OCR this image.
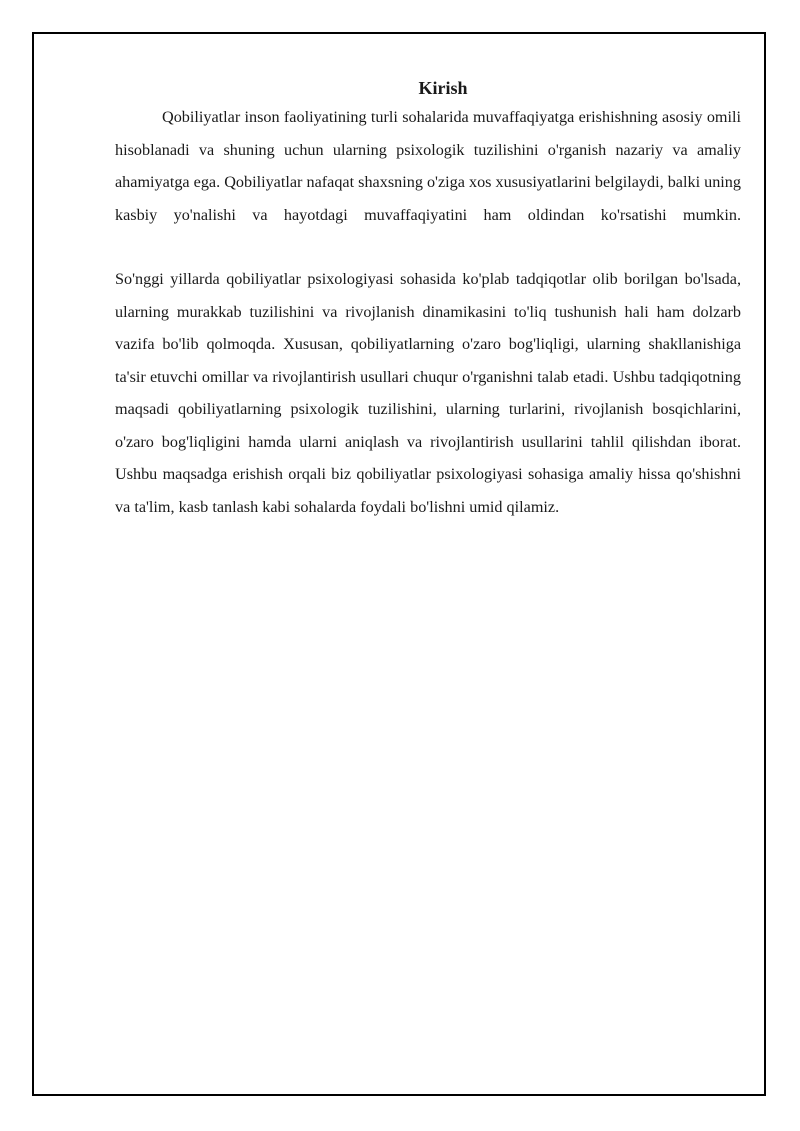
Kirish

Qobiliyatlar inson faoliyatining turli sohalarida muvaffaqiyatga erishishning asosiy omili hisoblanadi va shuning uchun ularning psixologik tuzilishini o'rganish nazariy va amaliy ahamiyatga ega. Qobiliyatlar nafaqat shaxsning o'ziga xos xususiyatlarini belgilaydi, balki uning kasbiy yo'nalishi va hayotdagi muvaffaqiyatini ham oldindan ko'rsatishi mumkin.

So'nggi yillarda qobiliyatlar psixologiyasi sohasida ko'plab tadqiqotlar olib borilgan bo'lsada, ularning murakkab tuzilishini va rivojlanish dinamikasini to'liq tushunish hali ham dolzarb vazifa bo'lib qolmoqda. Xususan, qobiliyatlarning o'zaro bog'liqligi, ularning shakllanishiga ta'sir etuvchi omillar va rivojlantirish usullari chuqur o'rganishni talab etadi. Ushbu tadqiqotning maqsadi qobiliyatlarning psixologik tuzilishini, ularning turlarini, rivojlanish bosqichlarini, o'zaro bog'liqligini hamda ularni aniqlash va rivojlantirish usullarini tahlil qilishdan iborat. Ushbu maqsadga erishish orqali biz qobiliyatlar psixologiyasi sohasiga amaliy hissa qo'shishni va ta'lim, kasb tanlash kabi sohalarda foydali bo'lishni umid qilamiz.
